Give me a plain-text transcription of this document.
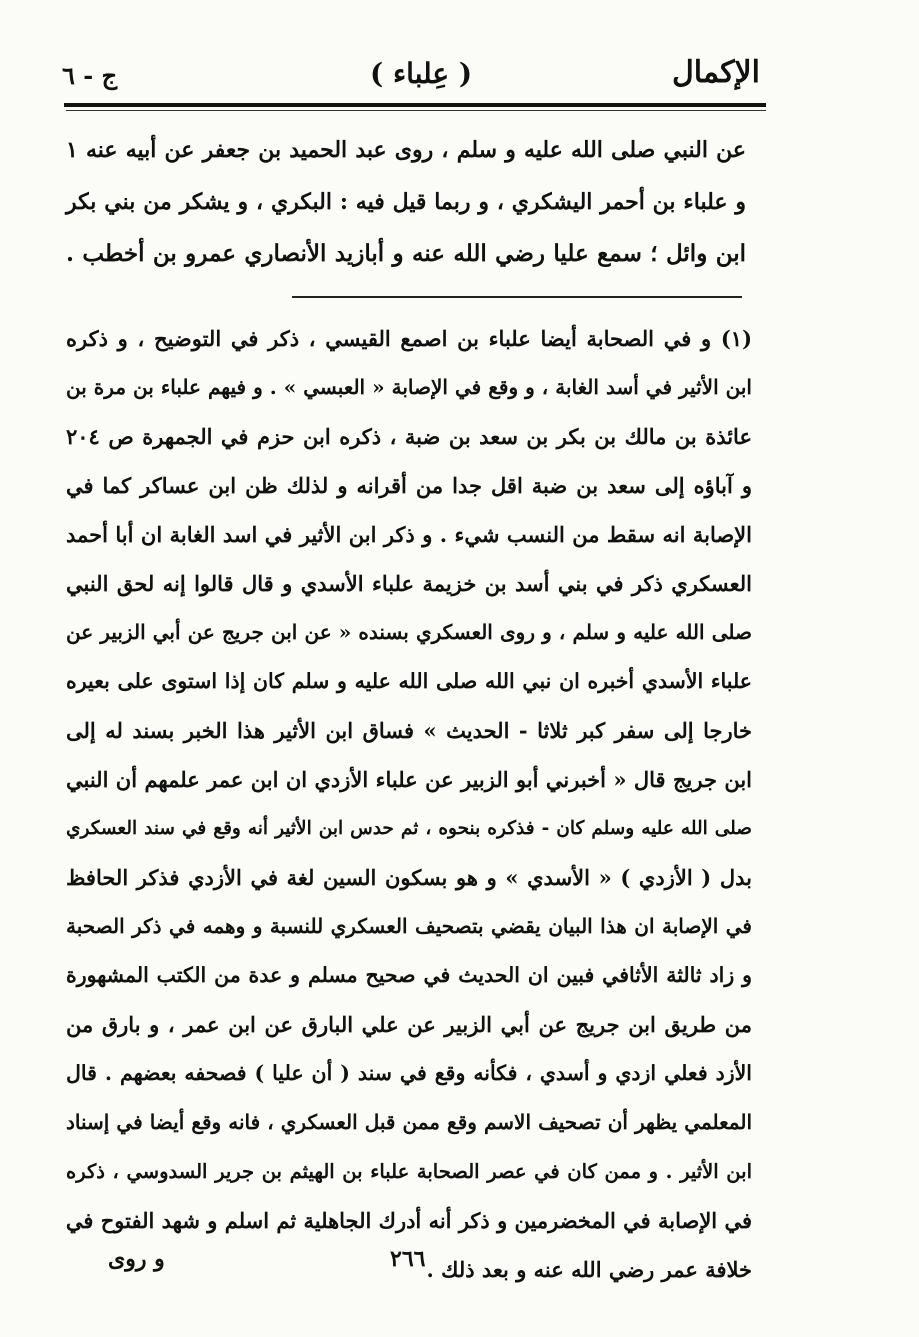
الإكمال
( عِلباء )
ج - ٦
عن النبي صلى الله عليه و سلم ، روى عبد الحميد بن جعفر عن أبيه عنه ١
و علباء بن أحمر اليشكري ، و ربما قيل فيه : البكري ، و يشكر من بني بكر
ابن وائل ؛ سمع عليا رضي الله عنه و أبازيد الأنصاري عمرو بن أخطب .
(١) و في الصحابة أيضا علباء بن اصمع القيسي ، ذكر في التوضيح ، و ذكره
ابن الأثير في أسد الغابة ، و وقع في الإصابة « العبسي » . و فيهم علباء بن مرة بن
عائذة بن مالك بن بكر بن سعد بن ضبة ، ذكره ابن حزم في الجمهرة ص ٢٠٤
و آباؤه إلى سعد بن ضبة اقل جدا من أقرانه و لذلك ظن ابن عساكر كما في
الإصابة انه سقط من النسب شيء . و ذكر ابن الأثير في اسد الغابة ان أبا أحمد
العسكري ذكر في بني أسد بن خزيمة علباء الأسدي و قال قالوا إنه لحق النبي
صلى الله عليه و سلم ، و روى العسكري بسنده « عن ابن جريج عن أبي الزبير عن
علباء الأسدي أخبره ان نبي الله صلى الله عليه و سلم كان إذا استوى على بعيره
خارجا إلى سفر كبر ثلاثا - الحديث » فساق ابن الأثير هذا الخبر بسند له إلى
ابن جريج قال « أخبرني أبو الزبير عن علباء الأزدي ان ابن عمر علمهم أن النبي
صلى الله عليه وسلم كان - فذكره بنحوه ، ثم حدس ابن الأثير أنه وقع في سند العسكري
بدل ( الأزدي ) « الأسدي » و هو بسكون السين لغة في الأزدي فذكر الحافظ
في الإصابة ان هذا البيان يقضي بتصحيف العسكري للنسبة و وهمه في ذكر الصحبة
و زاد ثالثة الأثافي فبين ان الحديث في صحيح مسلم و عدة من الكتب المشهورة
من طريق ابن جريج عن أبي الزبير عن علي البارق عن ابن عمر ، و بارق من
الأزد فعلي ازدي و أسدي ، فكأنه وقع في سند ( أن عليا ) فصحفه بعضهم . قال
المعلمي يظهر أن تصحيف الاسم وقع ممن قبل العسكري ، فانه وقع أيضا في إسناد
ابن الأثير . و ممن كان في عصر الصحابة علباء بن الهيثم بن جرير السدوسي ، ذكره
في الإصابة في المخضرمين و ذكر أنه أدرك الجاهلية ثم اسلم و شهد الفتوح في
خلافة عمر رضي الله عنه و بعد ذلك .
٢٦٦
و روى
